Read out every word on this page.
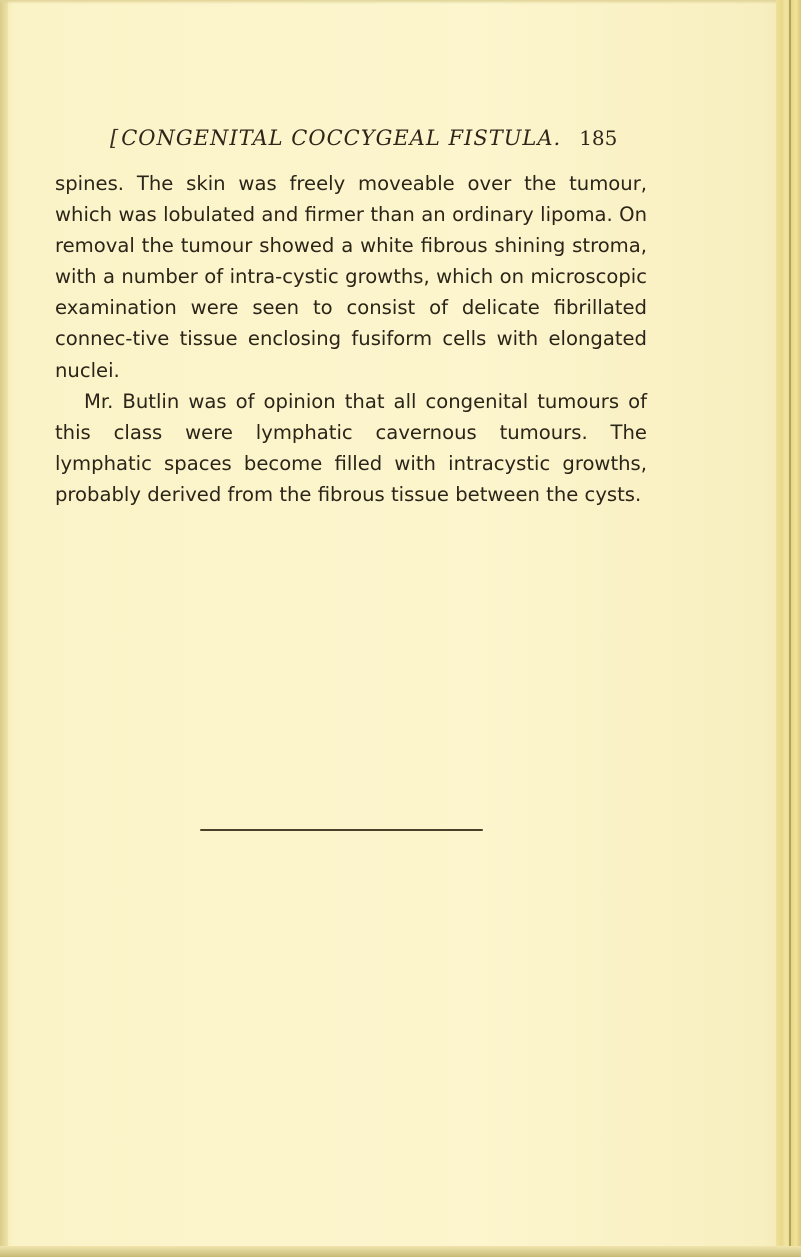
[CONGENITAL COCCYGEAL FISTULA. 185

spines. The skin was freely moveable over the tumour, which was lobulated and firmer than an ordinary lipoma. On removal the tumour showed a white fibrous shining stroma, with a number of intra-cystic growths, which on microscopic examination were seen to consist of delicate fibrillated connec-tive tissue enclosing fusiform cells with elongated nuclei.

Mr. Butlin was of opinion that all congenital tumours of this class were lymphatic cavernous tumours. The lymphatic spaces become filled with intracystic growths, probably derived from the fibrous tissue between the cysts.
